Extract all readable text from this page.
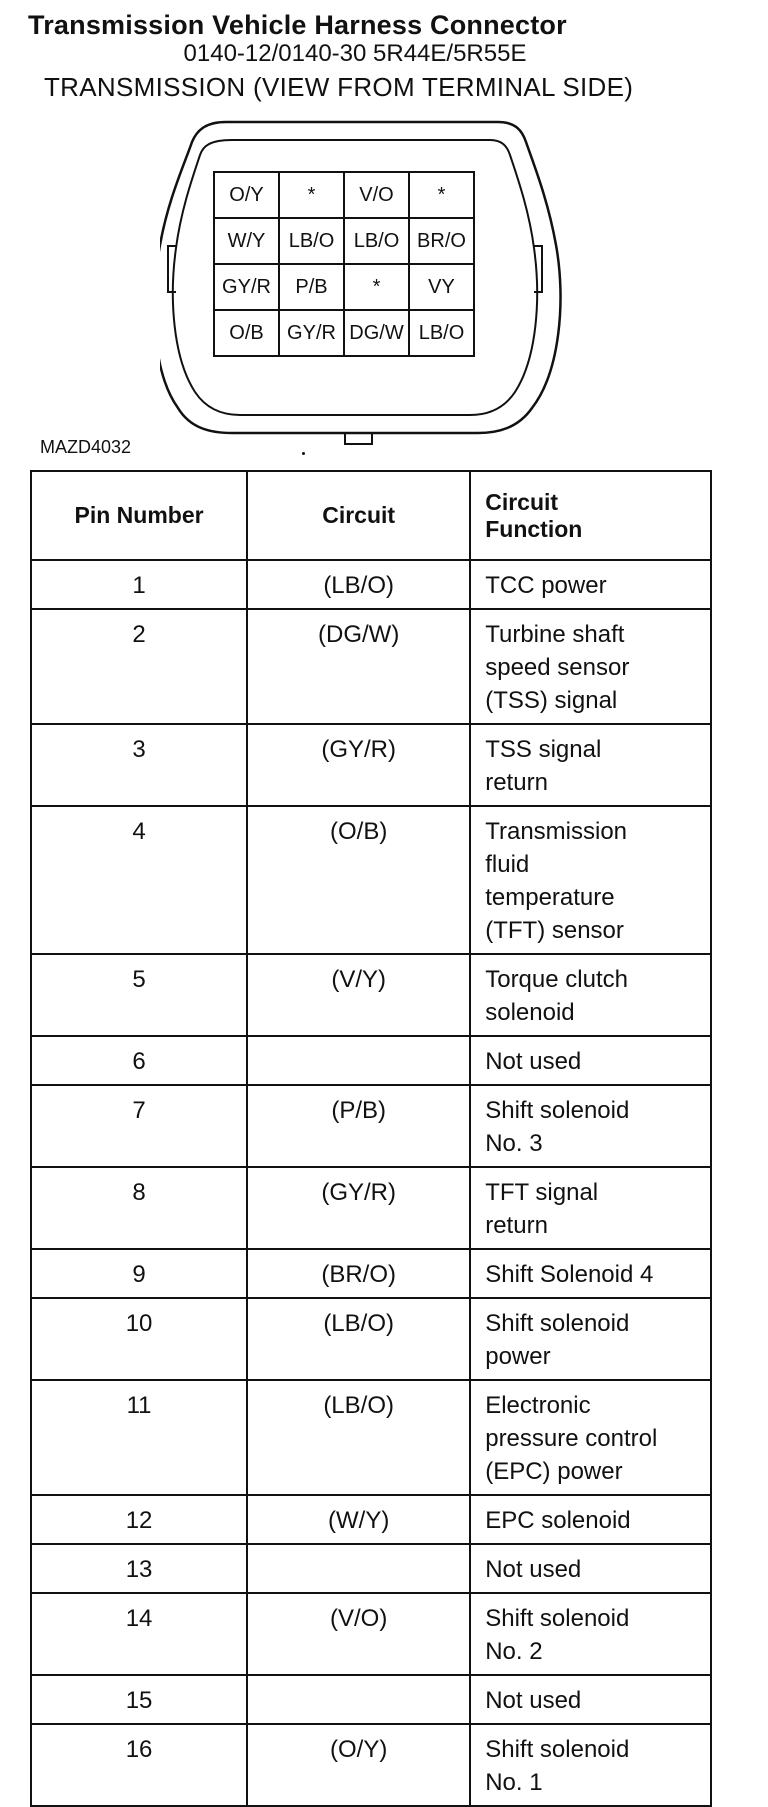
Transmission Vehicle Harness Connector
0140-12/0140-30 5R44E/5R55E
TRANSMISSION (VIEW FROM TERMINAL SIDE)
O/Y	*	V/O	*
W/Y	LB/O	LB/O	BR/O
GY/R	P/B	*	VY
O/B	GY/R	DG/W	LB/O
MAZD4032
Pin Number	Circuit	Circuit
Function
1	(LB/O)	TCC power

2	(DG/W)	Turbine shaft
speed sensor
(TSS) signal

3	(GY/R)	TSS signal
return

4	(O/B)	Transmission
fluid
temperature
(TFT) sensor

5	(V/Y)	Torque clutch
solenoid

6		Not used

7	(P/B)	Shift solenoid
No. 3

8	(GY/R)	TFT signal
return

9	(BR/O)	Shift Solenoid 4

10	(LB/O)	Shift solenoid
power

11	(LB/O)	Electronic
pressure control
(EPC) power

12	(W/Y)	EPC solenoid

13		Not used

14	(V/O)	Shift solenoid
No. 2

15		Not used

16	(O/Y)	Shift solenoid
No. 1
